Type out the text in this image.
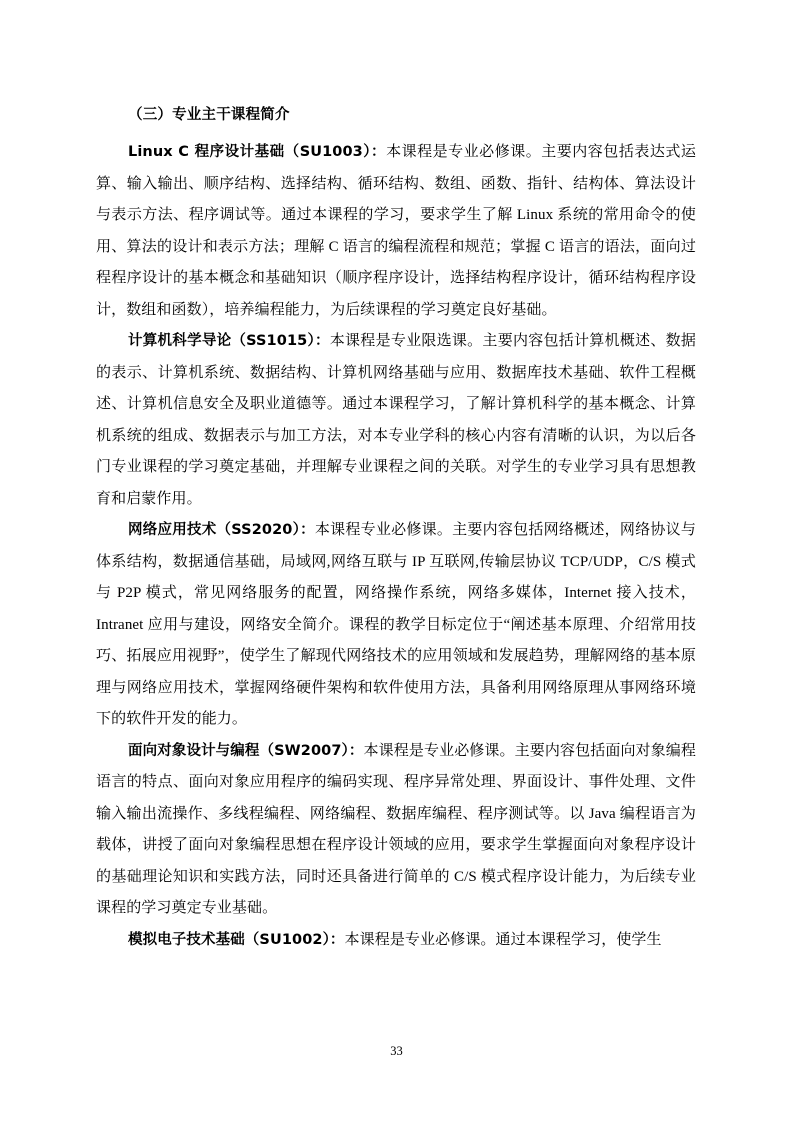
（三）专业主干课程简介

Linux C 程序设计基础（SU1003）：本课程是专业必修课。主要内容包括表达式运算、输入输出、顺序结构、选择结构、循环结构、数组、函数、指针、结构体、算法设计与表示方法、程序调试等。通过本课程的学习，要求学生了解 Linux 系统的常用命令的使用、算法的设计和表示方法；理解 C 语言的编程流程和规范；掌握 C 语言的语法，面向过程程序设计的基本概念和基础知识（顺序程序设计，选择结构程序设计，循环结构程序设计，数组和函数），培养编程能力，为后续课程的学习奠定良好基础。

计算机科学导论（SS1015）：本课程是专业限选课。主要内容包括计算机概述、数据的表示、计算机系统、数据结构、计算机网络基础与应用、数据库技术基础、软件工程概述、计算机信息安全及职业道德等。通过本课程学习，了解计算机科学的基本概念、计算机系统的组成、数据表示与加工方法，对本专业学科的核心内容有清晰的认识，为以后各门专业课程的学习奠定基础，并理解专业课程之间的关联。对学生的专业学习具有思想教育和启蒙作用。

网络应用技术（SS2020）：本课程专业必修课。主要内容包括网络概述，网络协议与体系结构，数据通信基础，局域网,网络互联与 IP 互联网,传输层协议 TCP/UDP，C/S 模式与 P2P 模式，常见网络服务的配置，网络操作系统，网络多媒体，Internet 接入技术，Intranet 应用与建设，网络安全简介。课程的教学目标定位于“阐述基本原理、介绍常用技巧、拓展应用视野”，使学生了解现代网络技术的应用领域和发展趋势，理解网络的基本原理与网络应用技术，掌握网络硬件架构和软件使用方法，具备利用网络原理从事网络环境下的软件开发的能力。

面向对象设计与编程（SW2007）：本课程是专业必修课。主要内容包括面向对象编程语言的特点、面向对象应用程序的编码实现、程序异常处理、界面设计、事件处理、文件输入输出流操作、多线程编程、网络编程、数据库编程、程序测试等。以 Java 编程语言为载体，讲授了面向对象编程思想在程序设计领域的应用，要求学生掌握面向对象程序设计的基础理论知识和实践方法，同时还具备进行简单的 C/S 模式程序设计能力，为后续专业课程的学习奠定专业基础。

模拟电子技术基础（SU1002）：本课程是专业必修课。通过本课程学习，使学生

33
